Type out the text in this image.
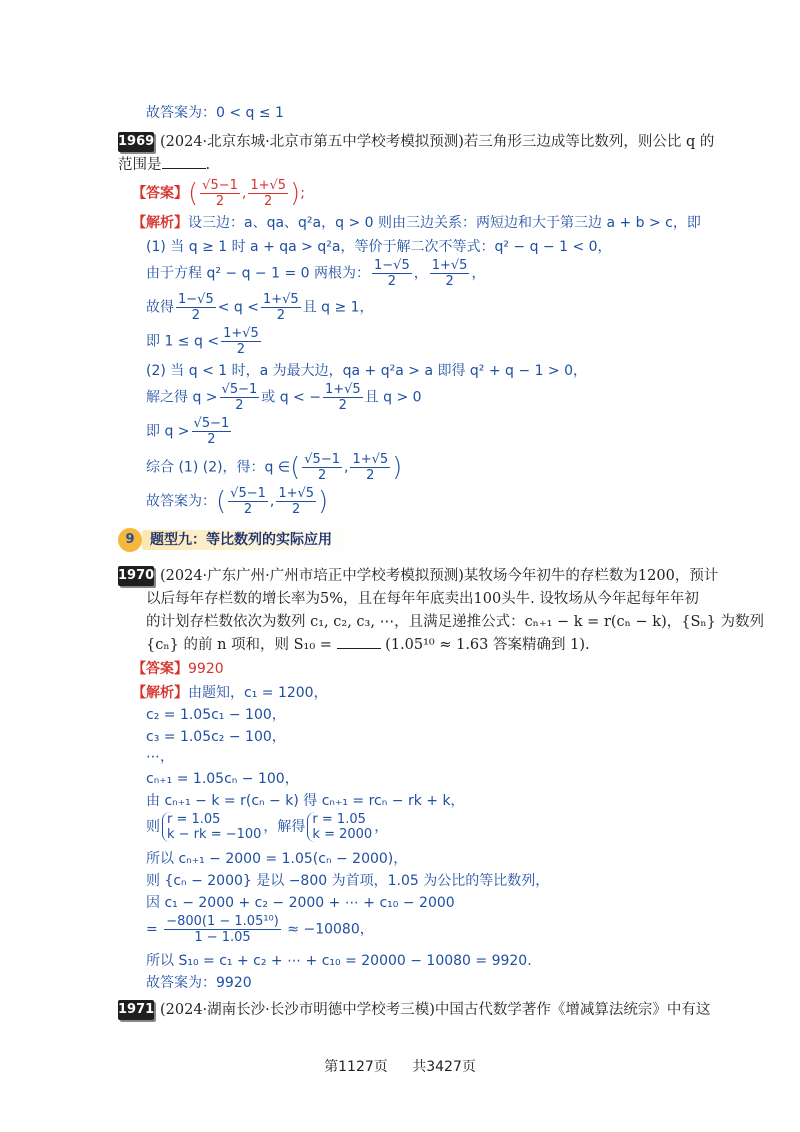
故答案为：0 < q ≤ 1
1969 (2024·北京东城·北京市第五中学校考模拟预测)若三角形三边成等比数列，则公比 q 的
范围是	.
【答案】( $\frac{√5-1}{2}$ , $\frac{1+√5}{2}$ );
【解析】设三边：a、qa、q²a，q > 0 则由三边关系：两短边和大于第三边 a + b > c，即
(1) 当 q ≥ 1 时 a + qa > q²a，等价于解二次不等式：q² − q − 1 < 0，
由于方程 q² − q − 1 = 0 两根为： $\frac{1-√5}{2}$ ， $\frac{1+√5}{2}$ ，
故得 $\frac{1-√5}{2} < q < \frac{1+√5}{2}$ 且 q ≥ 1，
即 $1 \le q < \frac{1+√5}{2}$
(2) 当 q < 1 时，a 为最大边，qa + q²a > a 即得 q² + q − 1 > 0，
解之得 $q > \frac{√5-1}{2}$ 或 q < − $\frac{1+√5}{2}$ 且 q > 0
即 $q > \frac{√5-1}{2}$
综合 (1) (2)，得：q ∈( $\frac{√5-1}{2}$ , $\frac{1+√5}{2}$ )
故答案为：( $\frac{√5-1}{2}$ , $\frac{1+√5}{2}$ )
9	题型九：等比数列的实际应用
1970 (2024·广东广州·广州市培正中学校考模拟预测)某牧场今年初牛的存栏数为1200，预计
以后每年存栏数的增长率为5%，且在每年年底卖出100头牛. 设牧场从今年起每年年初
的计划存栏数依次为数列 c₁, c₂, c₃, ⋯，且满足递推公式：cₙ₊₁ − k = r(cₙ − k)，{Sₙ} 为数列
{cₙ} 的前 n 项和，则 S₁₀ =	(1.05¹⁰ ≈ 1.63 答案精确到 1).
【答案】9920
【解析】由题知，c₁ = 1200，
c₂ = 1.05c₁ − 100，
c₃ = 1.05c₂ − 100，
⋯，
cₙ₊₁ = 1.05cₙ − 100，
由 cₙ₊₁ − k = r(cₙ − k) 得 cₙ₊₁ = rcₙ − rk + k，
则 r = 1.05
k − rk = −100 ，解得 r = 1.05
k = 2000 ，
所以 cₙ₊₁ − 2000 = 1.05(cₙ − 2000)，
则 {cₙ − 2000} 是以 −800 为首项，1.05 为公比的等比数列，
因 c₁ − 2000 + c₂ − 2000 + ⋯ + c₁₀ − 2000
= $\frac{\text{−800(1 − 1.05¹⁰)}}{1 - 1.05} \approx -10080$，
所以 S₁₀ = c₁ + c₂ + ⋯ + c₁₀ = 20000 − 10080 = 9920.
故答案为：9920
1971 (2024·湖南长沙·长沙市明德中学校考三模)中国古代数学著作《增减算法统宗》中有这
第1127页 共3427页
